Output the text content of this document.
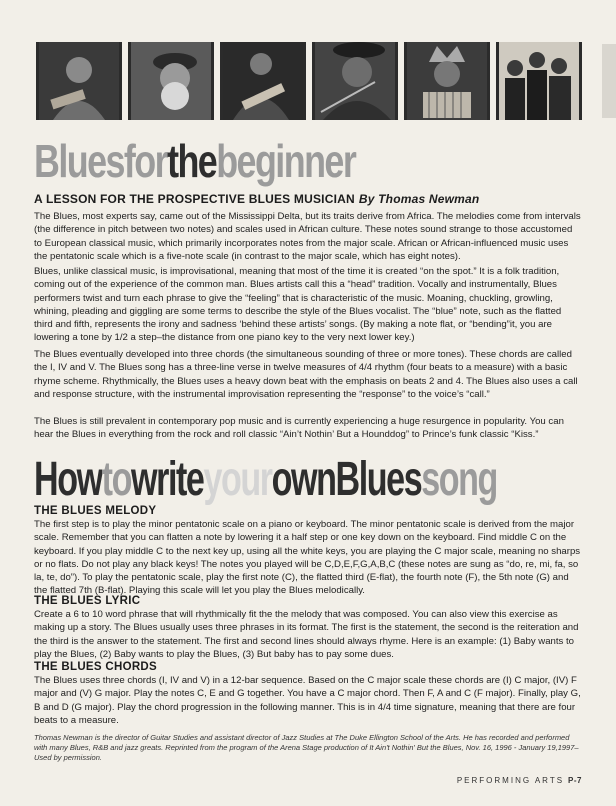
Bluesforthebeginner
A LESSON FOR THE PROSPECTIVE BLUES MUSICIAN By Thomas Newman

The Blues, most experts say, came out of the Mississippi Delta, but its traits derive from Africa. The melodies come from intervals (the difference in pitch between two notes) and scales used in African culture. These notes sound strange to those accustomed to European classical music, which primarily incorporates notes from the major scale. African or African-influenced music uses the pentatonic scale which is a five-note scale (in contrast to the major scale, which has eight notes).

Blues, unlike classical music, is improvisational, meaning that most of the time it is created “on the spot.” It is a folk tradition, coming out of the experience of the common man. Blues artists call this a “head” tradition. Vocally and instrumentally, Blues performers twist and turn each phrase to give the “feeling” that is characteristic of the music. Moaning, chuckling, growling, whining, pleading and giggling are some terms to describe the style of the Blues vocalist. The “blue” note, such as the flatted third and fifth, represents the irony and sadness ‘behind these artists’ songs. (By making a note flat, or “bending”it, you are lowering a tone by 1/2 a step–the distance from one piano key to the very next lower key.)

The Blues eventually developed into three chords (the simultaneous sounding of three or more tones). These chords are called the I, IV and V. The Blues song has a three-line verse in twelve measures of 4/4 rhythm (four beats to a measure) with a basic rhyme scheme. Rhythmically, the Blues uses a heavy down beat with the emphasis on beats 2 and 4. The Blues also uses a call and response structure, with the instrumental improvisation representing the “response” to the voice’s “call.”

The Blues is still prevalent in contemporary pop music and is currently experiencing a huge resurgence in popularity. You can hear the Blues in everything from the rock and roll classic “Ain’t Nothin’ But a Hounddog” to Prince’s funk classic “Kiss.”

HowtowriteyourownBluessong
THE BLUES MELODY
The first step is to play the minor pentatonic scale on a piano or keyboard. The minor pentatonic scale is derived from the major scale. Remember that you can flatten a note by lowering it a half step or one key down on the keyboard. Find middle C on the keyboard. If you play middle C to the next key up, using all the white keys, you are playing the C major scale, meaning no sharps or no flats. Do not play any black keys! The notes you played will be C,D,E,F,G,A,B,C (these notes are sung as “do, re, mi, fa, so la, te, do”). To play the pentatonic scale, play the first note (C), the flatted third (E-flat), the fourth note (F), the 5th note (G) and the flatted 7th (B-flat). Playing this scale will let you play the Blues melodically.
THE BLUES LYRIC
Create a 6 to 10 word phrase that will rhythmically fit the the melody that was composed. You can also view this exercise as making up a story. The Blues usually uses three phrases in its format. The first is the statement, the second is the reiteration and the third is the answer to the statement. The first and second lines should always rhyme. Here is an example: (1) Baby wants to play the Blues, (2) Baby wants to play the Blues, (3) But baby has to pay some dues.
THE BLUES CHORDS
The Blues uses three chords (I, IV and V) in a 12-bar sequence. Based on the C major scale these chords are (I) C major, (IV) F major and (V) G major. Play the notes C, E and G together. You have a C major chord. Then F, A and C (F major). Finally, play G, B and D (G major). Play the chord progression in the following manner. This is in 4/4 time signature, meaning that there are four beats to a measure.
Thomas Newman is the director of Guitar Studies and assistant director of Jazz Studies at The Duke Ellington School of the Arts. He has recorded and performed with many Blues, R&B and jazz greats. Reprinted from the program of the Arena Stage production of It Ain't Nothin' But the Blues, Nov. 16, 1996 - January 19,1997– Used by permission.
PERFORMING ARTS P-7
